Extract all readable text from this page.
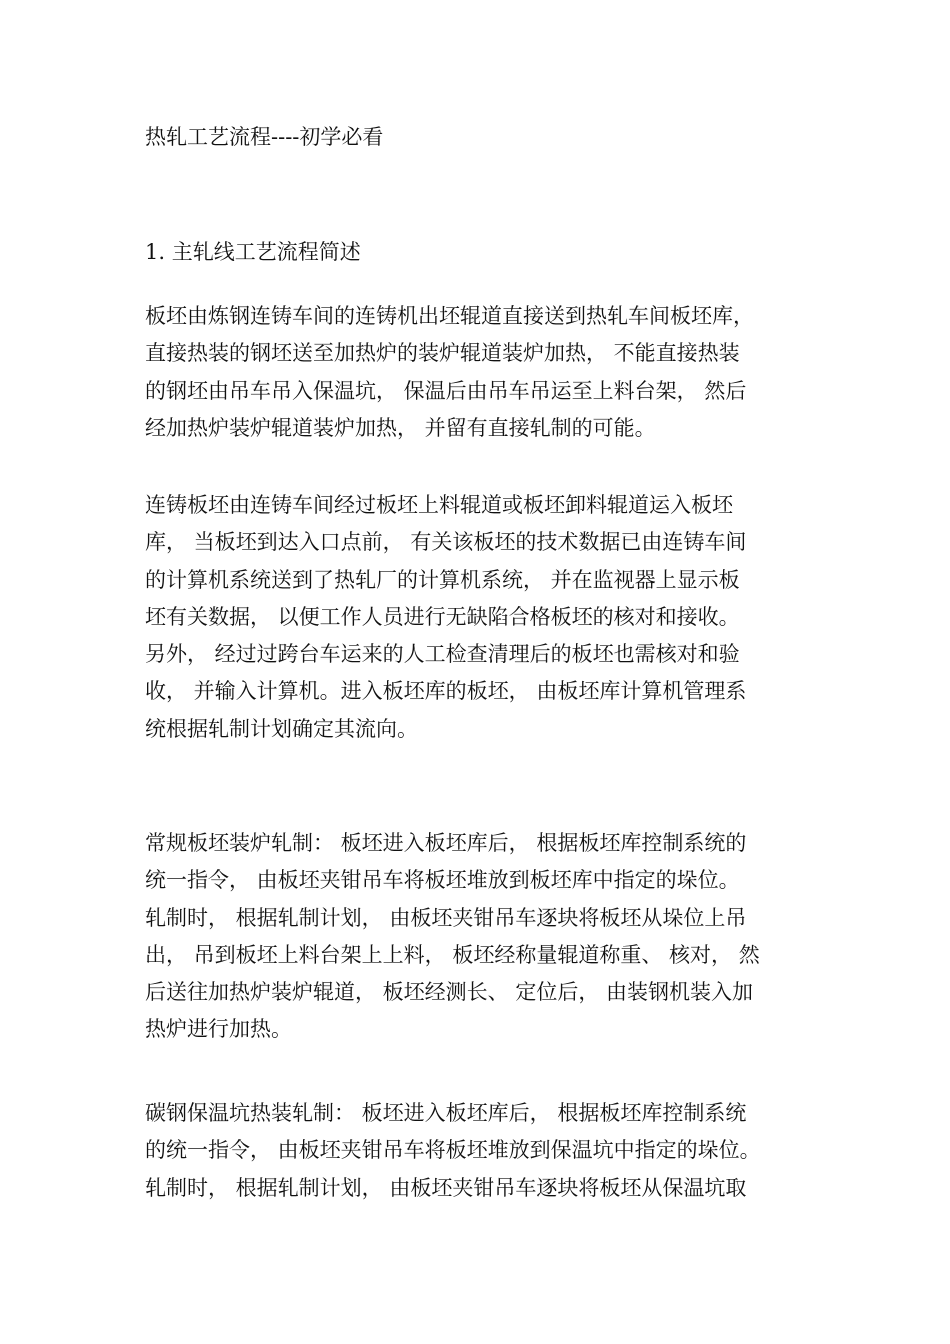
热轧工艺流程----初学必看
1. 主轧线工艺流程简述

板坯由炼钢连铸车间的连铸机出坯辊道直接送到热轧车间板坯库，
直接热装的钢坯送至加热炉的装炉辊道装炉加热， 不能直接热装
的钢坯由吊车吊入保温坑， 保温后由吊车吊运至上料台架， 然后
经加热炉装炉辊道装炉加热， 并留有直接轧制的可能。

连铸板坯由连铸车间经过板坯上料辊道或板坯卸料辊道运入板坯
库， 当板坯到达入口点前， 有关该板坯的技术数据已由连铸车间
的计算机系统送到了热轧厂的计算机系统， 并在监视器上显示板
坯有关数据， 以便工作人员进行无缺陷合格板坯的核对和接收。
另外， 经过过跨台车运来的人工检查清理后的板坯也需核对和验
收， 并输入计算机。进入板坯库的板坯， 由板坯库计算机管理系
统根据轧制计划确定其流向。

常规板坯装炉轧制： 板坯进入板坯库后， 根据板坯库控制系统的
统一指令， 由板坯夹钳吊车将板坯堆放到板坯库中指定的垛位。
轧制时， 根据轧制计划， 由板坯夹钳吊车逐块将板坯从垛位上吊
出， 吊到板坯上料台架上上料， 板坯经称量辊道称重、 核对， 然
后送往加热炉装炉辊道， 板坯经测长、 定位后， 由装钢机装入加
热炉进行加热。

碳钢保温坑热装轧制： 板坯进入板坯库后， 根据板坯库控制系统
的统一指令， 由板坯夹钳吊车将板坯堆放到保温坑中指定的垛位。
轧制时， 根据轧制计划， 由板坯夹钳吊车逐块将板坯从保温坑取
